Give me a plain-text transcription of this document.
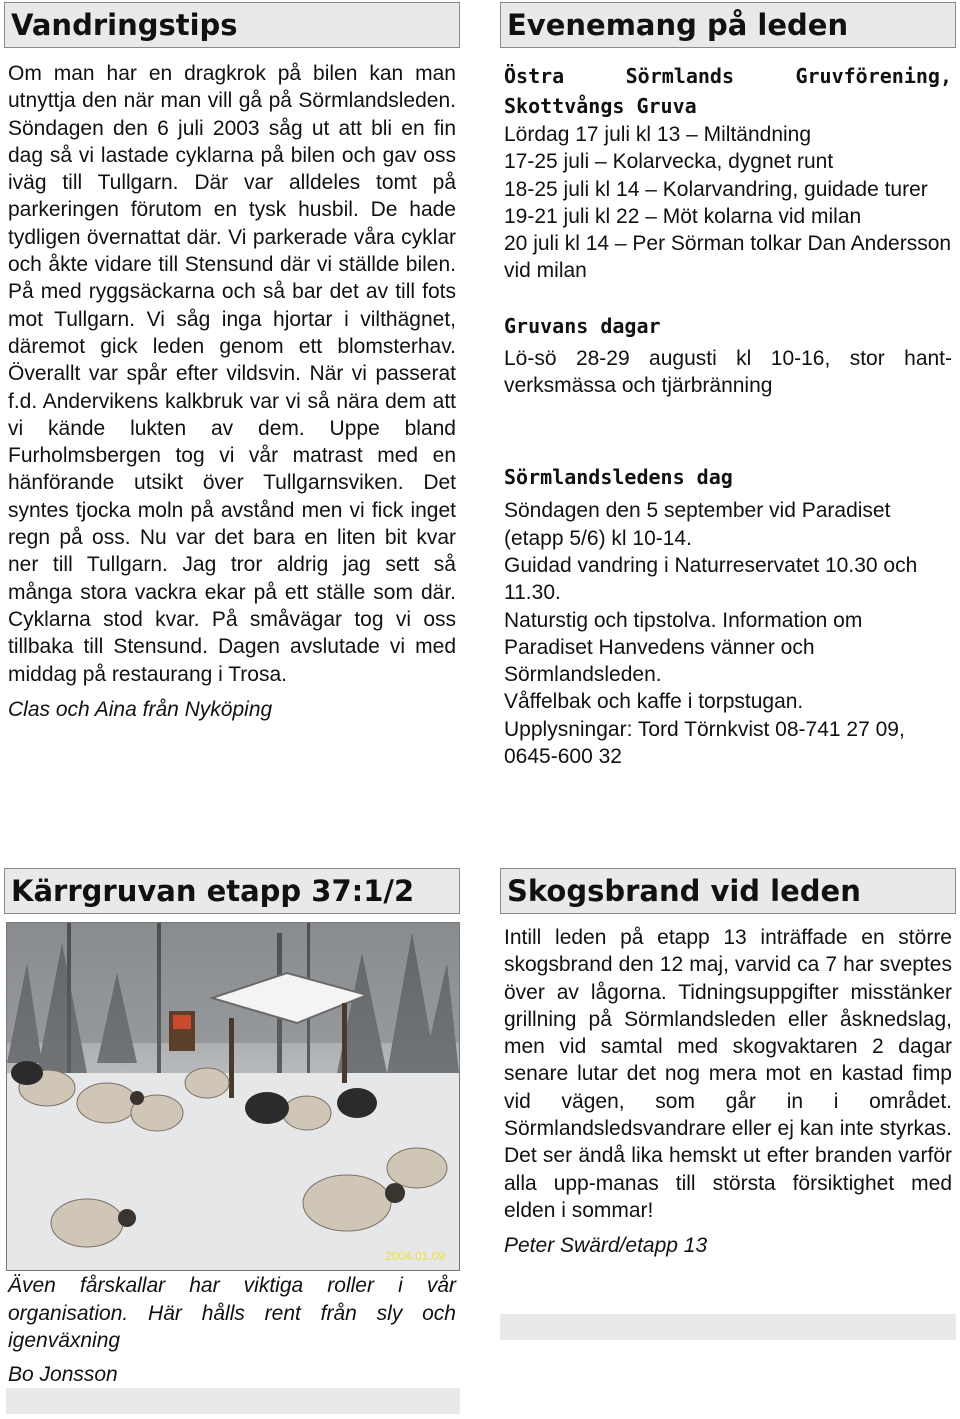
Vandringstips

Om man har en dragkrok på bilen kan man utnyttja den när man vill gå på Sörmlandsleden. Söndagen den 6 juli 2003 såg ut att bli en fin dag så vi lastade cyklarna på bilen och gav oss iväg till Tullgarn. Där var alldeles tomt på parkeringen förutom en tysk husbil. De hade tydligen övernattat där. Vi parkerade våra cyklar och åkte vidare till Stensund där vi ställde bilen. På med ryggsäckarna och så bar det av till fots mot Tullgarn. Vi såg inga hjortar i vilthägnet, däremot gick leden genom ett blomsterhav. Överallt var spår efter vildsvin. När vi passerat f.d. Andervikens kalkbruk var vi så nära dem att vi kände lukten av dem. Uppe bland Furholmsbergen tog vi vår matrast med en hänförande utsikt över Tullgarnsviken. Det syntes tjocka moln på avstånd men vi fick inget regn på oss. Nu var det bara en liten bit kvar ner till Tullgarn. Jag tror aldrig jag sett så många stora vackra ekar på ett ställe som där. Cyklarna stod kvar. På småvägar tog vi oss tillbaka till Stensund. Dagen avslutade vi med middag på restaurang i Trosa.

Clas och Aina från Nyköping

Evenemang på leden

Östra Sörmlands Gruvförening,

Skottvångs Gruva

Lördag 17 juli kl 13 – Miltändning

17-25 juli – Kolarvecka, dygnet runt

18-25 juli kl 14 – Kolarvandring, guidade turer

19-21 juli kl 22 – Möt kolarna vid milan

20 juli kl 14 – Per Sörman tolkar Dan Andersson vid milan

Gruvans dagar

Lö-sö 28-29 augusti kl 10-16, stor hant-verksmässa och tjärbränning

Sörmlandsledens dag

Söndagen den 5 september vid Paradiset (etapp 5/6) kl 10-14.

Guidad vandring i Naturreservatet 10.30 och 11.30.

Naturstig och tipstolva. Information om Paradiset Hanvedens vänner och Sörmlandsleden.

Våffelbak och kaffe i torpstugan.

Upplysningar: Tord Törnkvist 08-741 27 09, 0645-600 32

Kärrgruvan etapp 37:1/2
2004.01.09

Även fårskallar har viktiga roller i vår organisation. Här hålls rent från sly och igenväxning

Bo Jonsson

Skogsbrand vid leden

Intill leden på etapp 13 inträffade en större skogsbrand den 12 maj, varvid ca 7 har sveptes över av lågorna. Tidningsuppgifter misstänker grillning på Sörmlandsleden eller åsknedslag, men vid samtal med skogvaktaren 2 dagar senare lutar det nog mera mot en kastad fimp vid vägen, som går in i området. Sörmlandsledsvandrare eller ej kan inte styrkas. Det ser ändå lika hemskt ut efter branden varför alla upp-manas till största försiktighet med elden i sommar!

Peter Swärd/etapp 13
